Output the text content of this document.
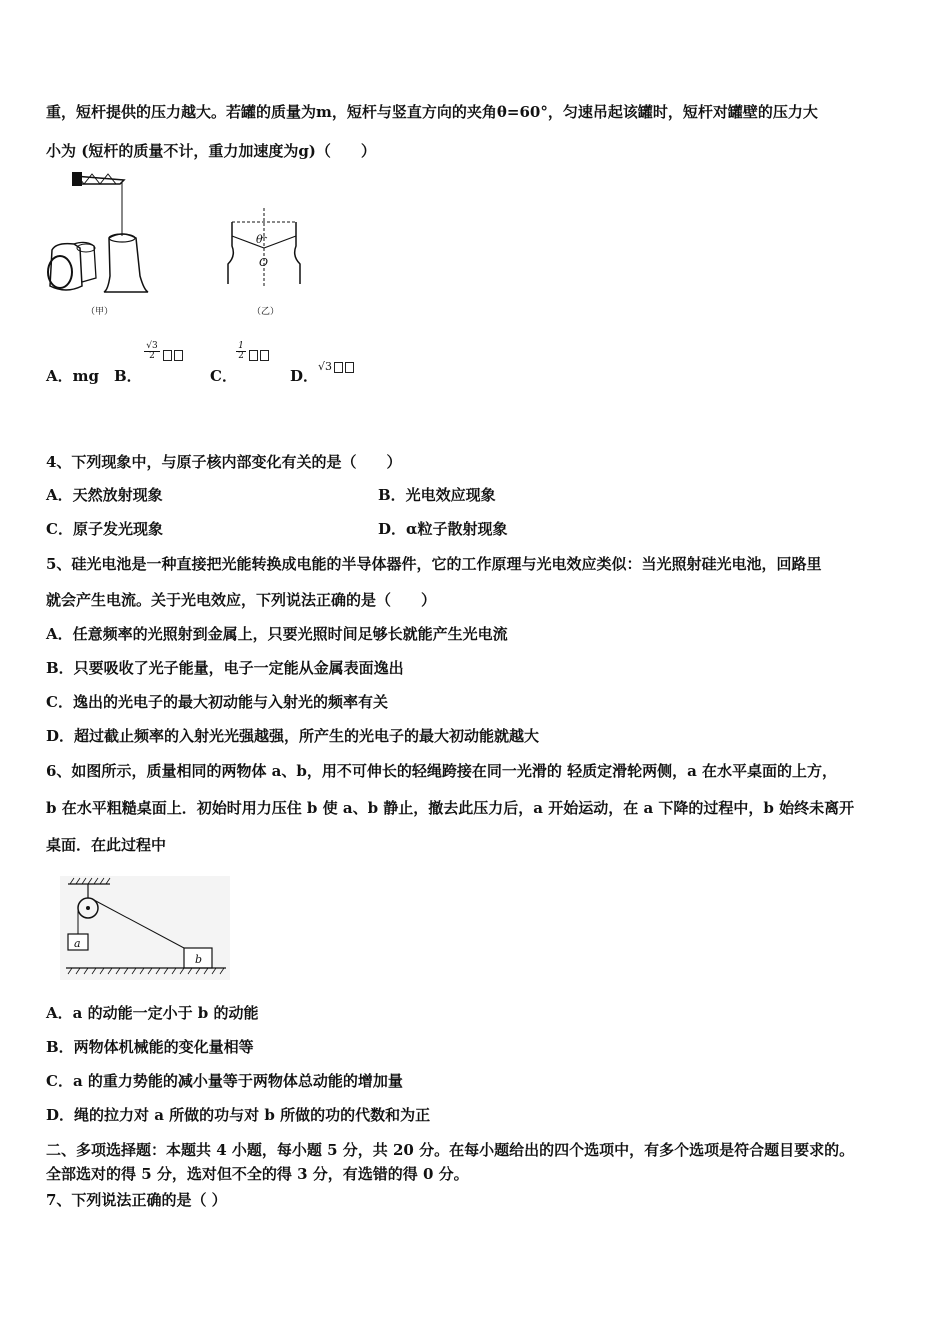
重，短杆提供的压力越大。若罐的质量为m，短杆与竖直方向的夹角θ=60°，匀速吊起该罐时，短杆对罐壁的压力大
小为 (短杆的质量不计，重力加速度为g)（　　）
（甲）
θ
O
（乙）
A．mg B．
$\frac{√3}{2}$
C．
$\frac{1}{2}$
D．
√3
4、下列现象中，与原子核内部变化有关的是（　　）
A．天然放射现象	B．光电效应现象
C．原子发光现象	D．α粒子散射现象
5、硅光电池是一种直接把光能转换成电能的半导体器件，它的工作原理与光电效应类似：当光照射硅光电池，回路里
就会产生电流。关于光电效应，下列说法正确的是（　　）
A．任意频率的光照射到金属上，只要光照时间足够长就能产生光电流
B．只要吸收了光子能量，电子一定能从金属表面逸出
C．逸出的光电子的最大初动能与入射光的频率有关
D．超过截止频率的入射光光强越强，所产生的光电子的最大初动能就越大
6、如图所示，质量相同的两物体 a、b，用不可伸长的轻绳跨接在同一光滑的 轻质定滑轮两侧，a 在水平桌面的上方，
b 在水平粗糙桌面上．初始时用力压住 b 使 a、b 静止，撤去此压力后，a 开始运动，在 a 下降的过程中，b 始终未离开
桌面．在此过程中
a
b
A．a 的动能一定小于 b 的动能
B．两物体机械能的变化量相等
C．a 的重力势能的减小量等于两物体总动能的增加量
D．绳的拉力对 a 所做的功与对 b 所做的功的代数和为正
二、多项选择题：本题共 4 小题，每小题 5 分，共 20 分。在每小题给出的四个选项中，有多个选项是符合题目要求的。
全部选对的得 5 分，选对但不全的得 3 分，有选错的得 0 分。
7、下列说法正确的是（ ）
